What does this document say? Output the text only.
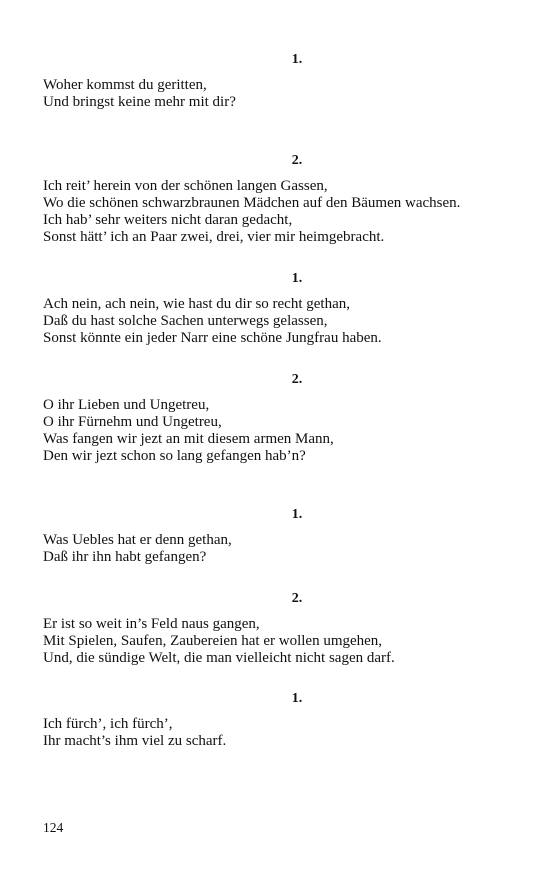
1.
Woher kommst du geritten,
Und bringst keine mehr mit dir?
2.
Ich reit’ herein von der schönen langen Gassen,
Wo die schönen schwarzbraunen Mädchen auf den Bäumen wachsen.
Ich hab’ sehr weiters nicht daran gedacht,
Sonst hätt’ ich an Paar zwei, drei, vier mir heimgebracht.
1.
Ach nein, ach nein, wie hast du dir so recht gethan,
Daß du hast solche Sachen unterwegs gelassen,
Sonst könnte ein jeder Narr eine schöne Jungfrau haben.
2.
O ihr Lieben und Ungetreu,
O ihr Fürnehm und Ungetreu,
Was fangen wir jezt an mit diesem armen Mann,
Den wir jezt schon so lang gefangen hab’n?
1.
Was Uebles hat er denn gethan,
Daß ihr ihn habt gefangen?
2.
Er ist so weit in’s Feld naus gangen,
Mit Spielen, Saufen, Zaubereien hat er wollen umgehen,
Und, die sündige Welt, die man vielleicht nicht sagen darf.
1.
Ich fürch’, ich fürch’,
Ihr macht’s ihm viel zu scharf.
124
